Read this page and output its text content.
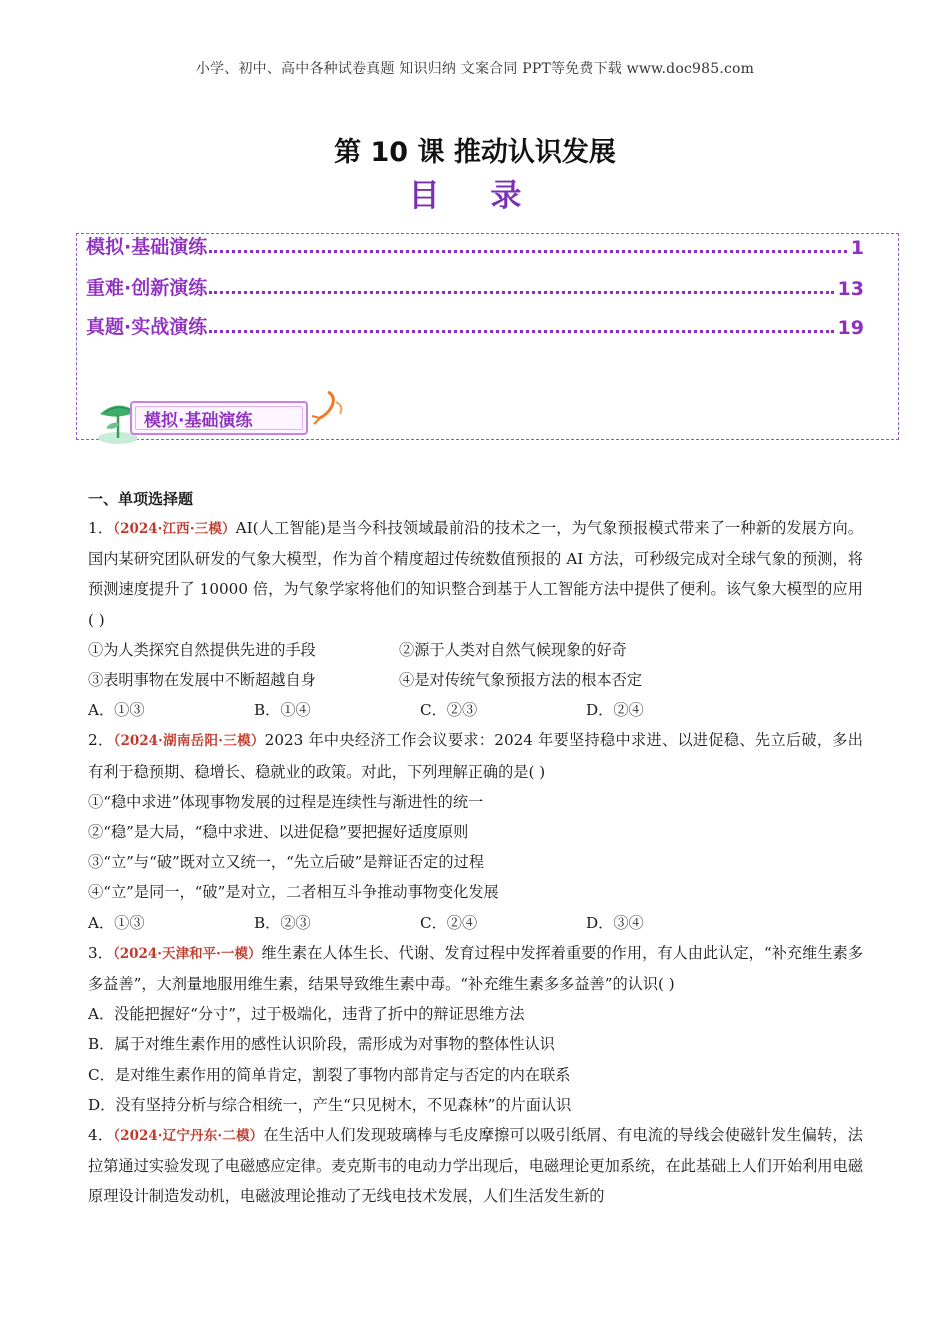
小学、初中、高中各种试卷真题 知识归纳 文案合同 PPT等免费下载 www.doc985.com
第 10 课 推动认识发展
目 录
模拟·基础演练	1
重难·创新演练	13
真题·实战演练	19
模拟·基础演练
一、单项选择题
1．（2024·江西·三模）AI(人工智能)是当今科技领域最前沿的技术之一，为气象预报模式带来了一种新的发展方向。国内某研究团队研发的气象大模型，作为首个精度超过传统数值预报的 AI 方法，可秒级完成对全球气象的预测，将预测速度提升了 10000 倍，为气象学家将他们的知识整合到基于人工智能方法中提供了便利。该气象大模型的应用( )
①为人类探究自然提供先进的手段	②源于人类对自然气候现象的好奇
③表明事物在发展中不断超越自身	④是对传统气象预报方法的根本否定
A．①③	B．①④	C．②③	D．②④
2．（2024·湖南岳阳·三模）2023 年中央经济工作会议要求：2024 年要坚持稳中求进、以进促稳、先立后破，多出有利于稳预期、稳增长、稳就业的政策。对此，下列理解正确的是( )
①“稳中求进”体现事物发展的过程是连续性与渐进性的统一
②“稳”是大局，“稳中求进、以进促稳”要把握好适度原则
③“立”与“破”既对立又统一，“先立后破”是辩证否定的过程
④“立”是同一，“破”是对立，二者相互斗争推动事物变化发展
A．①③	B．②③	C．②④	D．③④
3．（2024·天津和平·一模）维生素在人体生长、代谢、发育过程中发挥着重要的作用，有人由此认定，“补充维生素多多益善”，大剂量地服用维生素，结果导致维生素中毒。“补充维生素多多益善”的认识( )
A．没能把握好“分寸”，过于极端化，违背了折中的辩证思维方法
B．属于对维生素作用的感性认识阶段，需形成为对事物的整体性认识
C．是对维生素作用的简单肯定，割裂了事物内部肯定与否定的内在联系
D．没有坚持分析与综合相统一，产生“只见树木，不见森林”的片面认识
4．（2024·辽宁丹东·二模）在生活中人们发现玻璃棒与毛皮摩擦可以吸引纸屑、有电流的导线会使磁针发生偏转，法拉第通过实验发现了电磁感应定律。麦克斯韦的电动力学出现后，电磁理论更加系统，在此基础上人们开始利用电磁原理设计制造发动机，电磁波理论推动了无线电技术发展，人们生活发生新的
